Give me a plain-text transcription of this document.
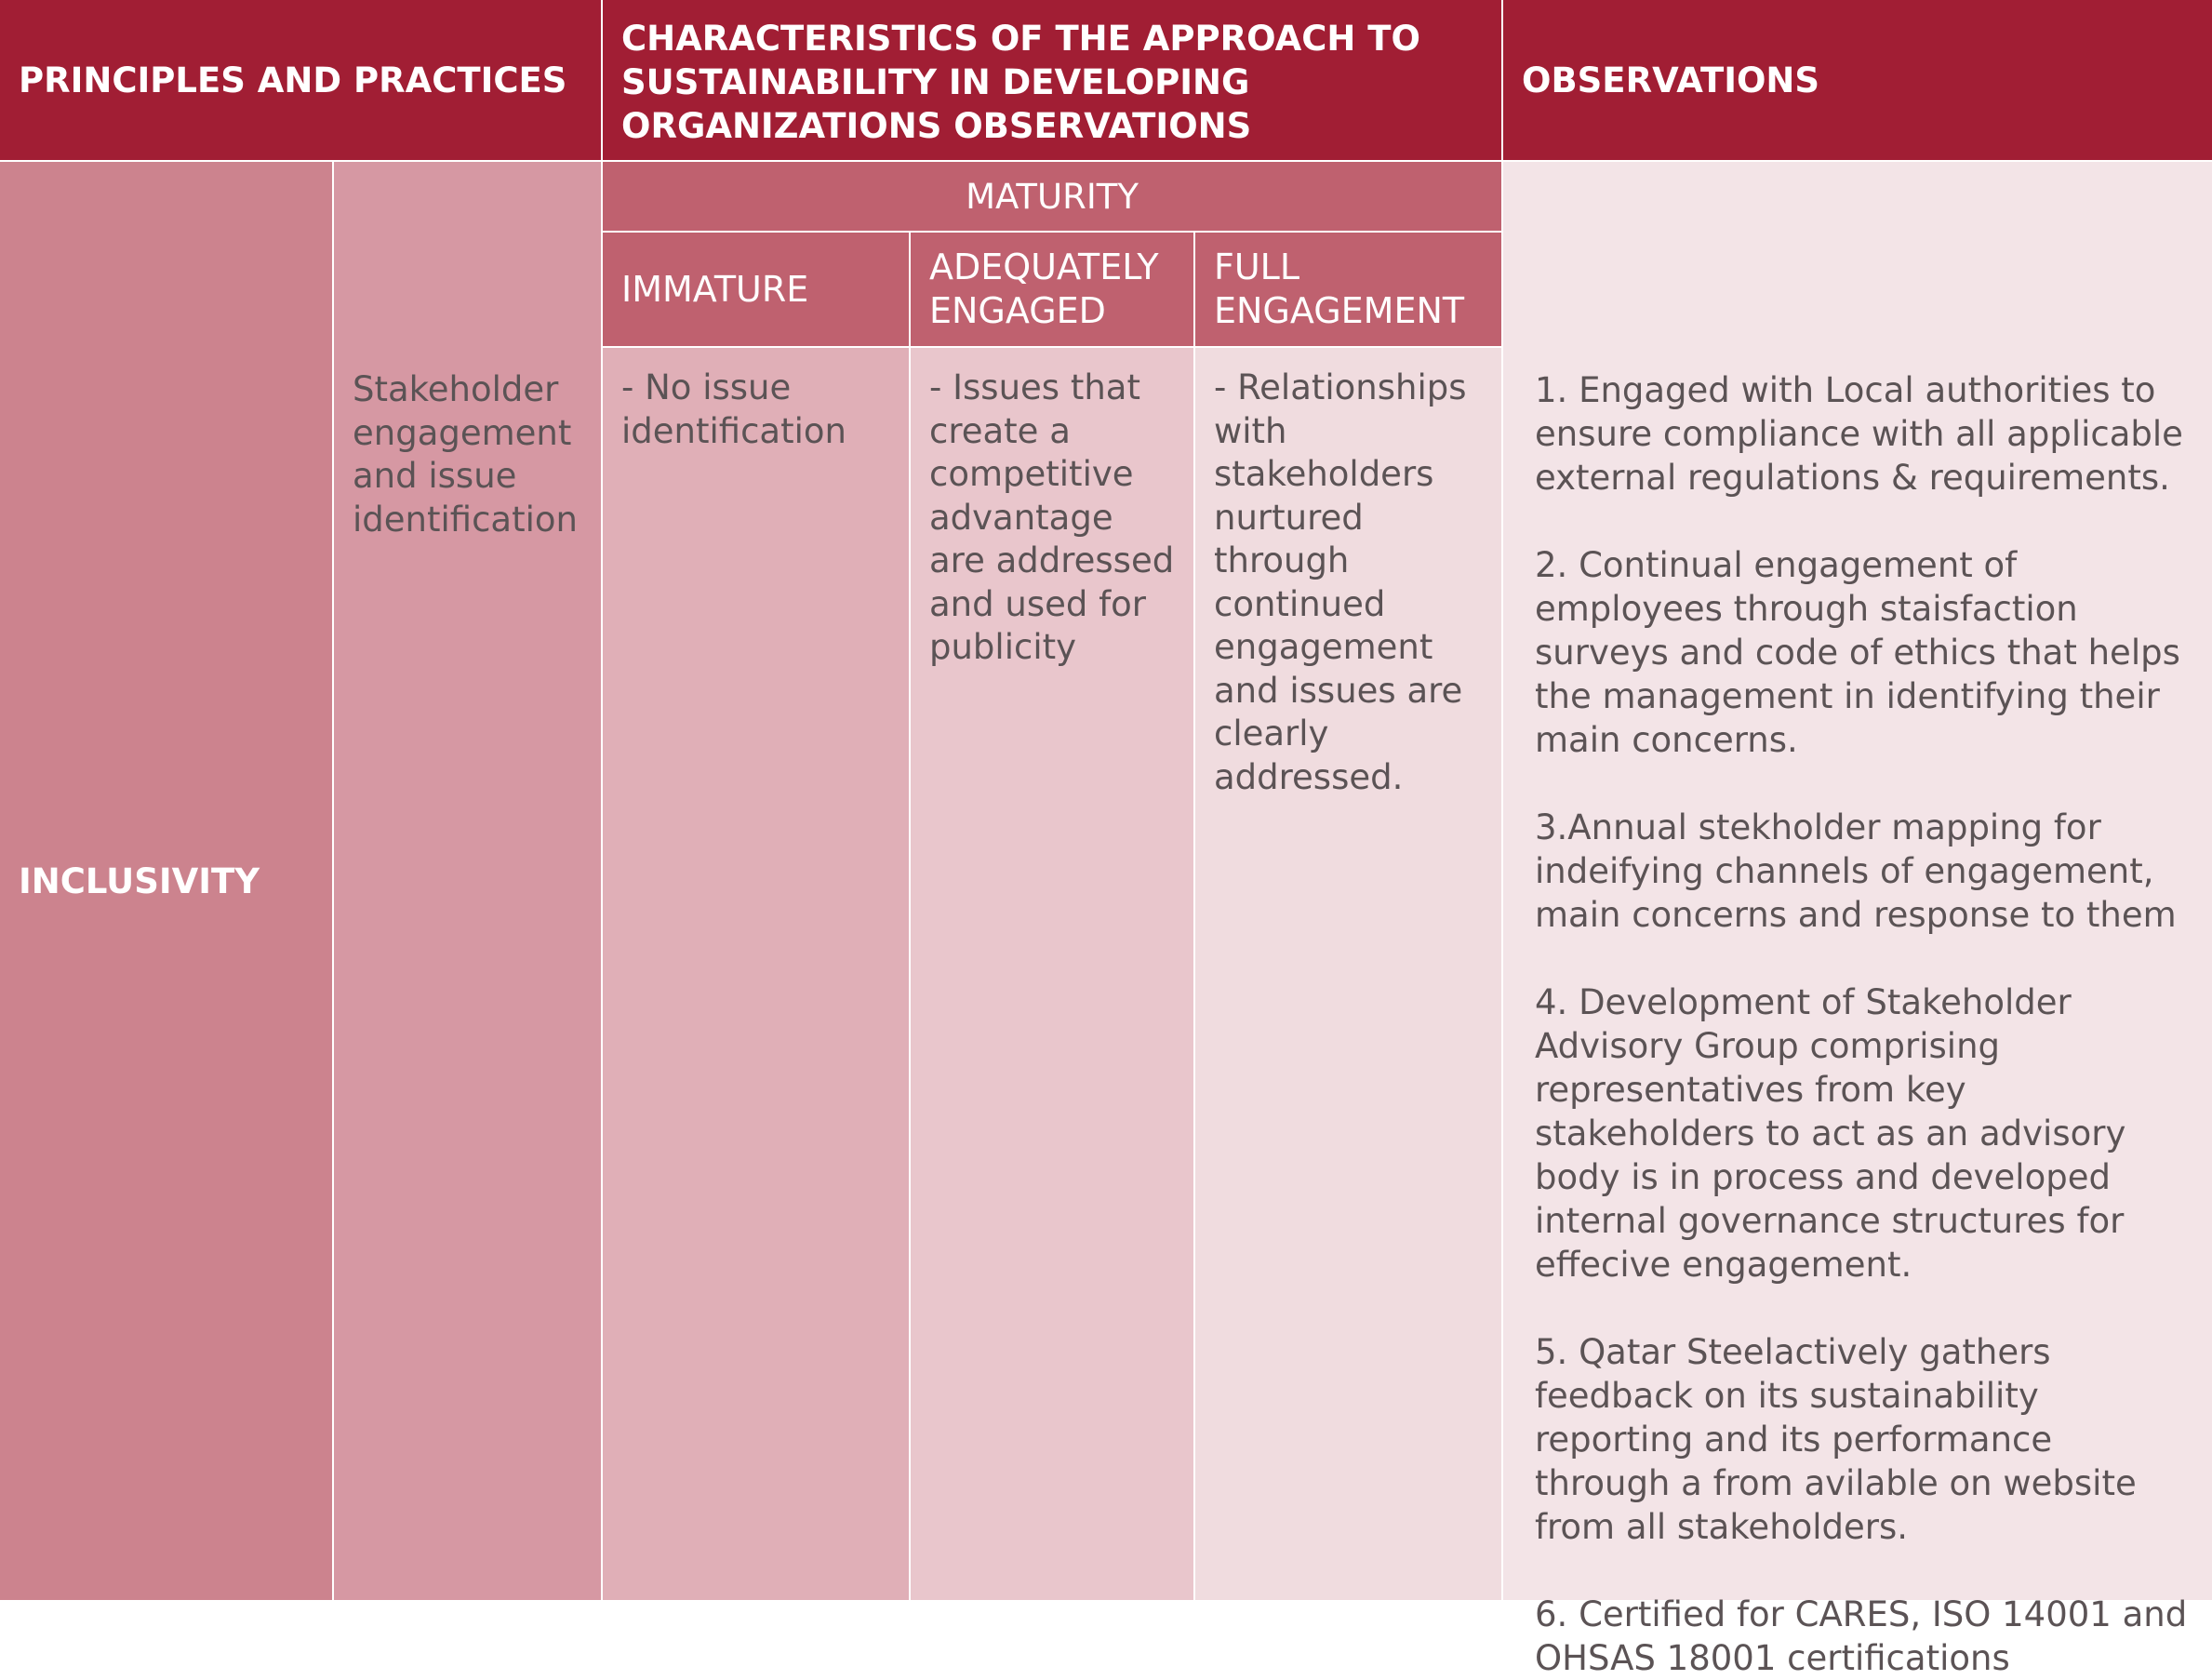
PRINCIPLES AND PRACTICES
CHARACTERISTICS OF THE APPROACH TO SUSTAINABILITY IN DEVELOPING ORGANIZATIONS OBSERVATIONS
OBSERVATIONS
INCLUSIVITY
Stakeholder engagement and issue identification
MATURITY
IMMATURE
ADEQUATELY ENGAGED
FULL ENGAGEMENT
- No issue identification
- Issues that create a competitive advantage are addressed and used for publicity
- Relationships with stakeholders nurtured through continued engagement and issues are clearly addressed.

1. Engaged with Local authorities to ensure compliance with all applicable external regulations & requirements.

2. Continual engagement of employees through staisfaction surveys and code of ethics that helps the management in identifying their main concerns.

3.Annual stekholder mapping for indeifying channels of engagement, main concerns and response to them

4. Development of Stakeholder Advisory Group comprising representatives from key stakeholders to act as an advisory body is in process and developed internal governance structures for effecive engagement.

5. Qatar Steelactively gathers feedback on its sustainability reporting and its performance through a from avilable on website from all stakeholders.

6. Certified for CARES, ISO 14001 and OHSAS 18001 certifications
